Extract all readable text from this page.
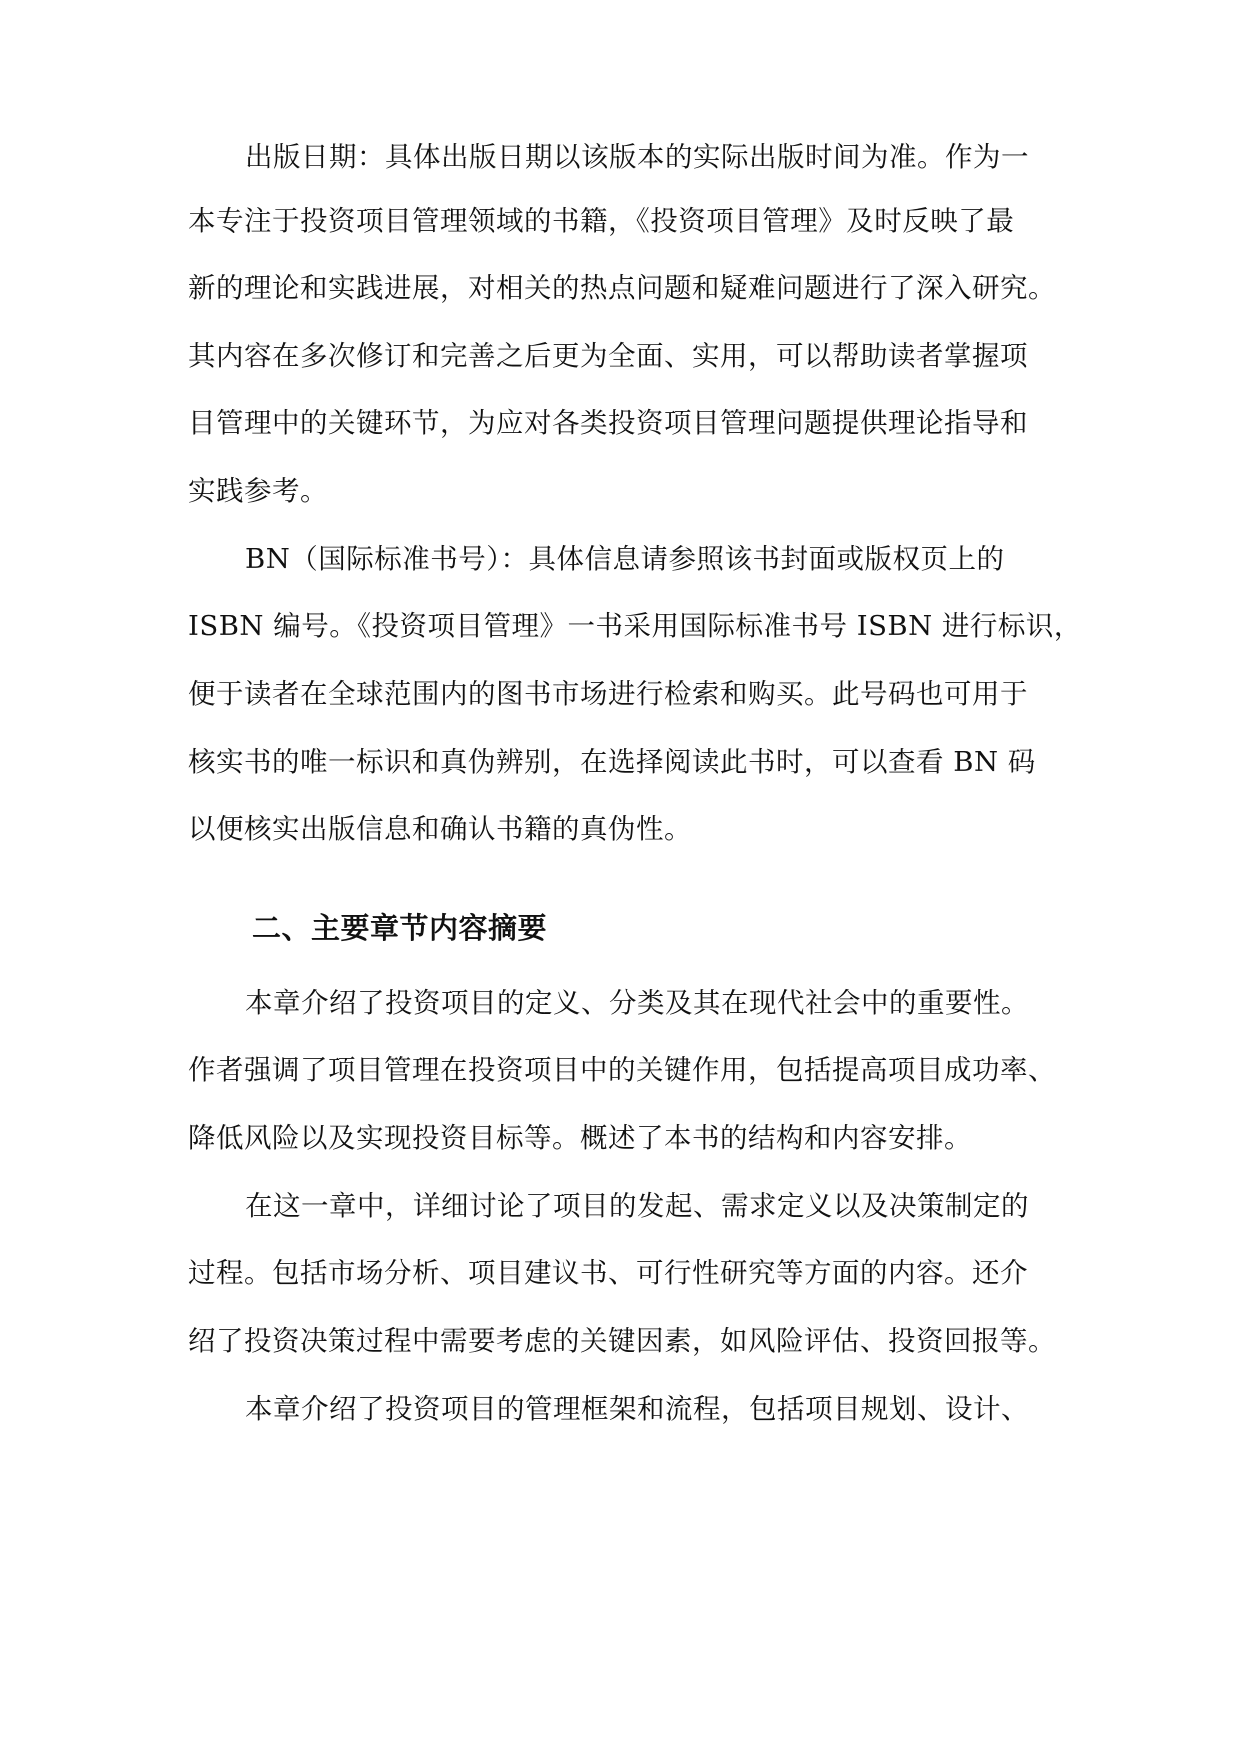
出版日期：具体出版日期以该版本的实际出版时间为准。作为一
本专注于投资项目管理领域的书籍，《投资项目管理》及时反映了最
新的理论和实践进展，对相关的热点问题和疑难问题进行了深入研究。
其内容在多次修订和完善之后更为全面、实用，可以帮助读者掌握项
目管理中的关键环节，为应对各类投资项目管理问题提供理论指导和
实践参考。
BN（国际标准书号）：具体信息请参照该书封面或版权页上的
ISBN 编号。《投资项目管理》一书采用国际标准书号 ISBN 进行标识，
便于读者在全球范围内的图书市场进行检索和购买。此号码也可用于
核实书的唯一标识和真伪辨别，在选择阅读此书时，可以查看 BN 码
以便核实出版信息和确认书籍的真伪性。
二、主要章节内容摘要
本章介绍了投资项目的定义、分类及其在现代社会中的重要性。
作者强调了项目管理在投资项目中的关键作用，包括提高项目成功率、
降低风险以及实现投资目标等。概述了本书的结构和内容安排。
在这一章中，详细讨论了项目的发起、需求定义以及决策制定的
过程。包括市场分析、项目建议书、可行性研究等方面的内容。还介
绍了投资决策过程中需要考虑的关键因素，如风险评估、投资回报等。
本章介绍了投资项目的管理框架和流程，包括项目规划、设计、
